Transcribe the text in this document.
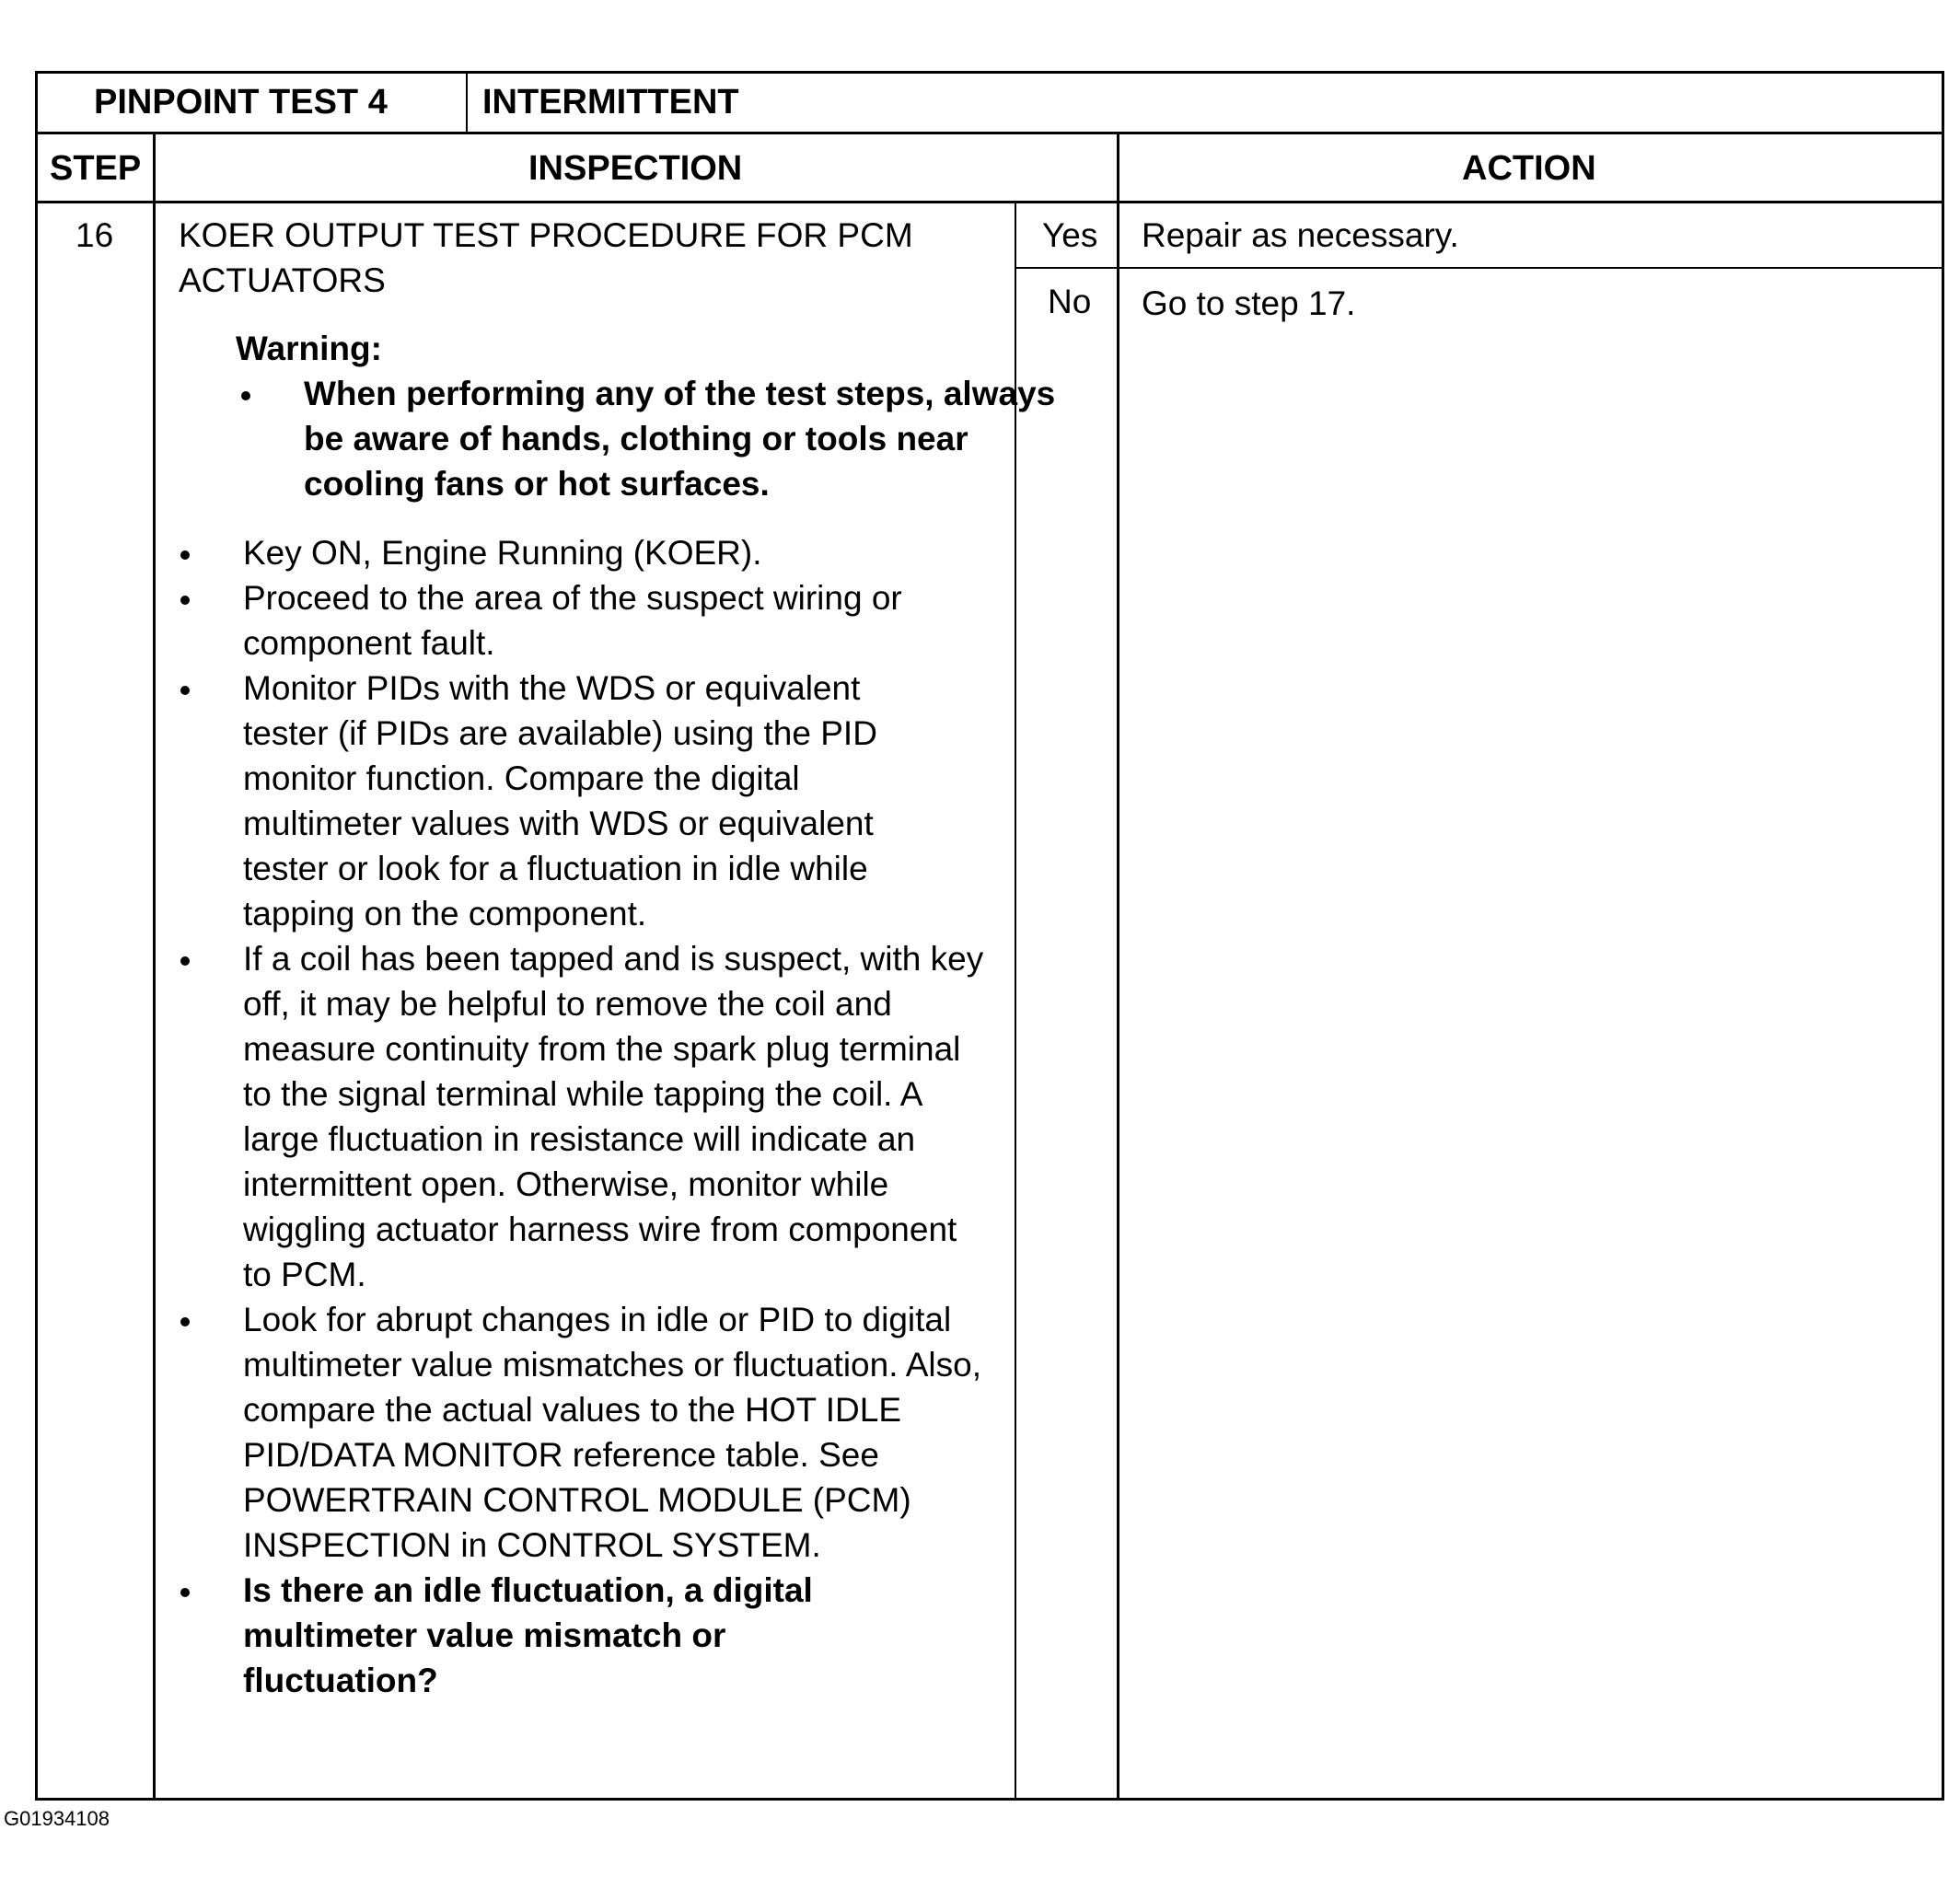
PINPOINT TEST 4	INTERMITTENT
STEP	INSPECTION	ACTION
16 KOER OUTPUT TEST PROCEDURE FOR PCM
ACTUATORS
Warning:
When performing any of the test steps, always be aware of hands, clothing or tools near cooling fans or hot surfaces.
Key ON, Engine Running (KOER).
Proceed to the area of the suspect wiring or component fault.
Monitor PIDs with the WDS or equivalent tester (if PIDs are available) using the PID monitor function. Compare the digital multimeter values with WDS or equivalent tester or look for a fluctuation in idle while tapping on the component.
If a coil has been tapped and is suspect, with key off, it may be helpful to remove the coil and measure continuity from the spark plug terminal to the signal terminal while tapping the coil. A large fluctuation in resistance will indicate an intermittent open. Otherwise, monitor while wiggling actuator harness wire from component to PCM.
Look for abrupt changes in idle or PID to digital multimeter value mismatches or fluctuation. Also, compare the actual values to the HOT IDLE PID/DATA MONITOR reference table. See POWERTRAIN CONTROL MODULE (PCM) INSPECTION in CONTROL SYSTEM.
Is there an idle fluctuation, a digital multimeter value mismatch or fluctuation?
Yes Repair as necessary.
No Go to step 17.
G01934108
